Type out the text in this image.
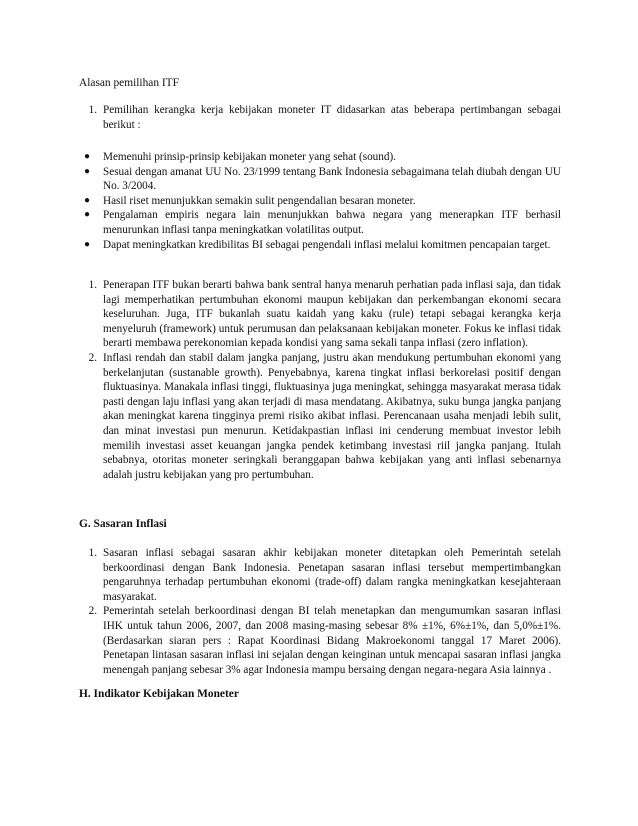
Alasan pemilihan ITF
1. Pemilihan kerangka kerja kebijakan moneter IT didasarkan atas beberapa pertimbangan sebagai berikut :
● Memenuhi prinsip-prinsip kebijakan moneter yang sehat (sound).
● Sesuai dengan amanat UU No. 23/1999 tentang Bank Indonesia sebagaimana telah diubah dengan UU No. 3/2004.
● Hasil riset menunjukkan semakin sulit pengendalian besaran moneter.
● Pengalaman empiris negara lain menunjukkan bahwa negara yang menerapkan ITF berhasil menurunkan inflasi tanpa meningkatkan volatilitas output.
● Dapat meningkatkan kredibilitas BI sebagai pengendali inflasi melalui komitmen pencapaian target.
1. Penerapan ITF bukan berarti bahwa bank sentral hanya menaruh perhatian pada inflasi saja, dan tidak lagi memperhatikan pertumbuhan ekonomi maupun kebijakan dan perkembangan ekonomi secara keseluruhan. Juga, ITF bukanlah suatu kaidah yang kaku (rule) tetapi sebagai kerangka kerja menyeluruh (framework) untuk perumusan dan pelaksanaan kebijakan moneter. Fokus ke inflasi tidak berarti membawa perekonomian kepada kondisi yang sama sekali tanpa inflasi (zero inflation).
2. Inflasi rendah dan stabil dalam jangka panjang, justru akan mendukung pertumbuhan ekonomi yang berkelanjutan (sustanable growth). Penyebabnya, karena tingkat inflasi berkorelasi positif dengan fluktuasinya. Manakala inflasi tinggi, fluktuasinya juga meningkat, sehingga masyarakat merasa tidak pasti dengan laju inflasi yang akan terjadi di masa mendatang. Akibatnya, suku bunga jangka panjang akan meningkat karena tingginya premi risiko akibat inflasi. Perencanaan usaha menjadi lebih sulit, dan minat investasi pun menurun. Ketidakpastian inflasi ini cenderung membuat investor lebih memilih investasi asset keuangan jangka pendek ketimbang investasi riil jangka panjang. Itulah sebabnya, otoritas moneter seringkali beranggapan bahwa kebijakan yang anti inflasi sebenarnya adalah justru kebijakan yang pro pertumbuhan.
G. Sasaran Inflasi
1. Sasaran inflasi sebagai sasaran akhir kebijakan moneter ditetapkan oleh Pemerintah setelah berkoordinasi dengan Bank Indonesia. Penetapan sasaran inflasi tersebut mempertimbangkan pengaruhnya terhadap pertumbuhan ekonomi (trade-off) dalam rangka meningkatkan kesejahteraan masyarakat.
2. Pemerintah setelah berkoordinasi dengan BI telah menetapkan dan mengumumkan sasaran inflasi IHK untuk tahun 2006, 2007, dan 2008 masing-masing sebesar 8% ±1%, 6%±1%, dan 5,0%±1%. (Berdasarkan siaran pers : Rapat Koordinasi Bidang Makroekonomi tanggal 17 Maret 2006). Penetapan lintasan sasaran inflasi ini sejalan dengan keinginan untuk mencapai sasaran inflasi jangka menengah panjang sebesar 3% agar Indonesia mampu bersaing dengan negara-negara Asia lainnya .
H. Indikator Kebijakan Moneter
